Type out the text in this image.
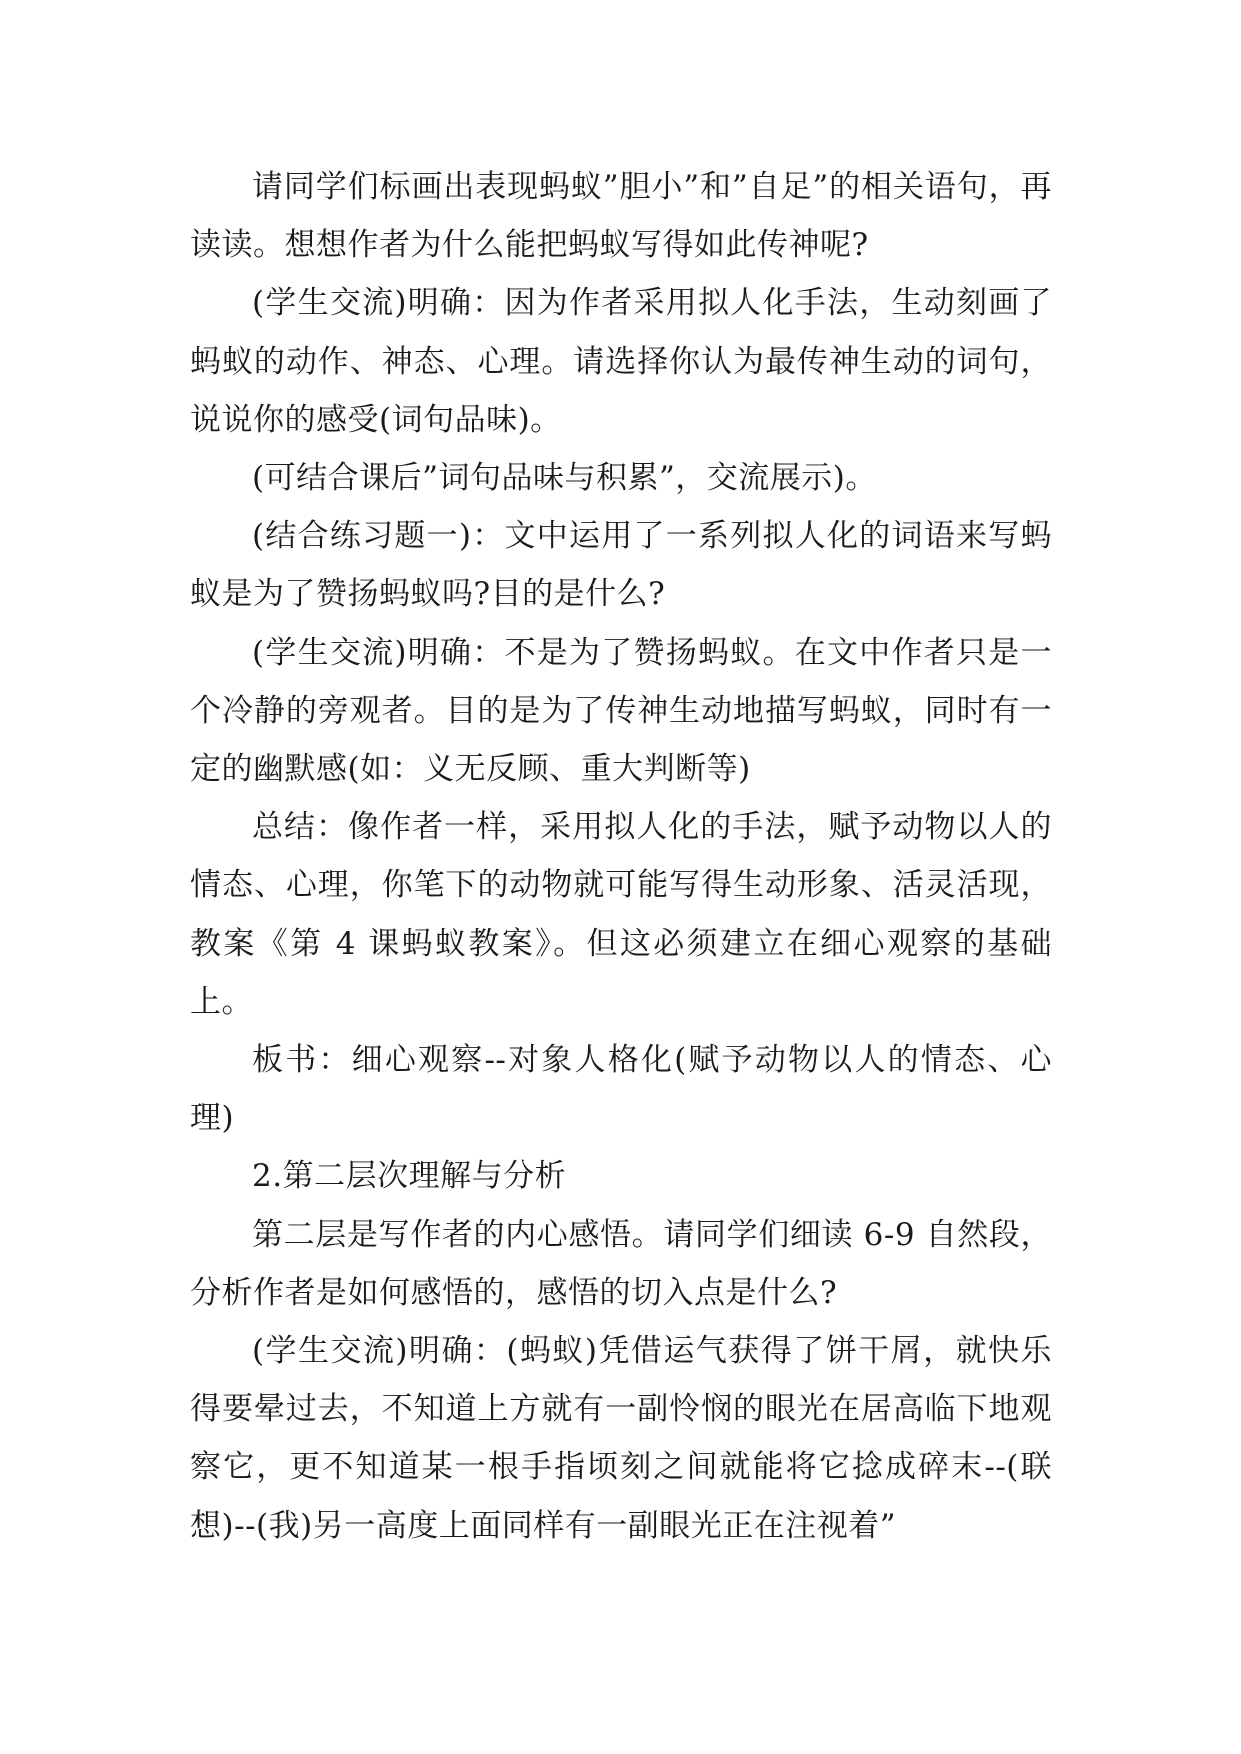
请同学们标画出表现蚂蚁”胆小”和”自足”的相关语句，再读读。想想作者为什么能把蚂蚁写得如此传神呢?

(学生交流)明确：因为作者采用拟人化手法，生动刻画了蚂蚁的动作、神态、心理。请选择你认为最传神生动的词句，说说你的感受(词句品味)。

(可结合课后”词句品味与积累”，交流展示)。

(结合练习题一)：文中运用了一系列拟人化的词语来写蚂蚁是为了赞扬蚂蚁吗?目的是什么?

(学生交流)明确：不是为了赞扬蚂蚁。在文中作者只是一个冷静的旁观者。目的是为了传神生动地描写蚂蚁，同时有一定的幽默感(如：义无反顾、重大判断等)

总结：像作者一样，采用拟人化的手法，赋予动物以人的情态、心理，你笔下的动物就可能写得生动形象、活灵活现，教案《第 4 课蚂蚁教案》。但这必须建立在细心观察的基础上。

板书：细心观察--对象人格化(赋予动物以人的情态、心理)

2.第二层次理解与分析

第二层是写作者的内心感悟。请同学们细读 6-9 自然段，分析作者是如何感悟的，感悟的切入点是什么?

(学生交流)明确：(蚂蚁)凭借运气获得了饼干屑，就快乐得要晕过去，不知道上方就有一副怜悯的眼光在居高临下地观察它，更不知道某一根手指顷刻之间就能将它捻成碎末--(联想)--(我)另一高度上面同样有一副眼光正在注视着”
